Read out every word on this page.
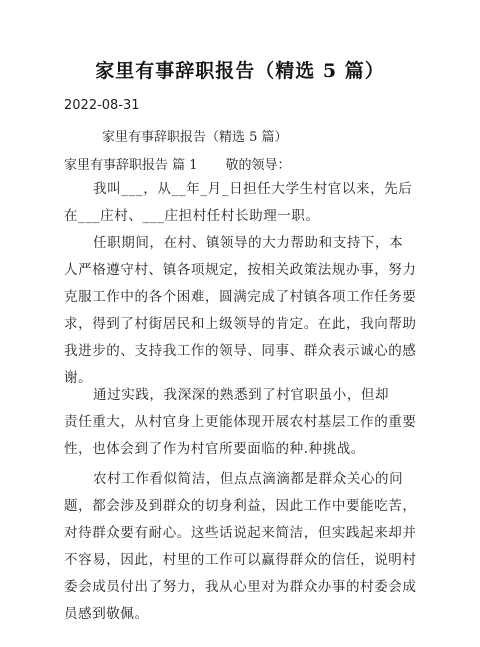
家里有事辞职报告（精选 5 篇）
2022-08-31
家里有事辞职报告（精选 5 篇）
家里有事辞职报告 篇 1 敬的领导：
我叫___，从__年_月_日担任大学生村官以来，先后
在___庄村、___庄担村任村长助理一职。
任职期间，在村、镇领导的大力帮助和支持下，本
人严格遵守村、镇各项规定，按相关政策法规办事，努力
克服工作中的各个困难，圆满完成了村镇各项工作任务要
求，得到了村街居民和上级领导的肯定。在此，我向帮助
我进步的、支持我工作的领导、同事、群众表示诚心的感
谢。
通过实践，我深深的熟悉到了村官职虽小，但却
责任重大，从村官身上更能体现开展农村基层工作的重要
性，也体会到了作为村官所要面临的种.种挑战。
农村工作看似简洁，但点点滴滴都是群众关心的问
题，都会涉及到群众的切身利益，因此工作中要能吃苦，
对待群众要有耐心。这些话说起来简洁，但实践起来却并
不容易，因此，村里的工作可以赢得群众的信任，说明村
委会成员付出了努力，我从心里对为群众办事的村委会成
员感到敬佩。
